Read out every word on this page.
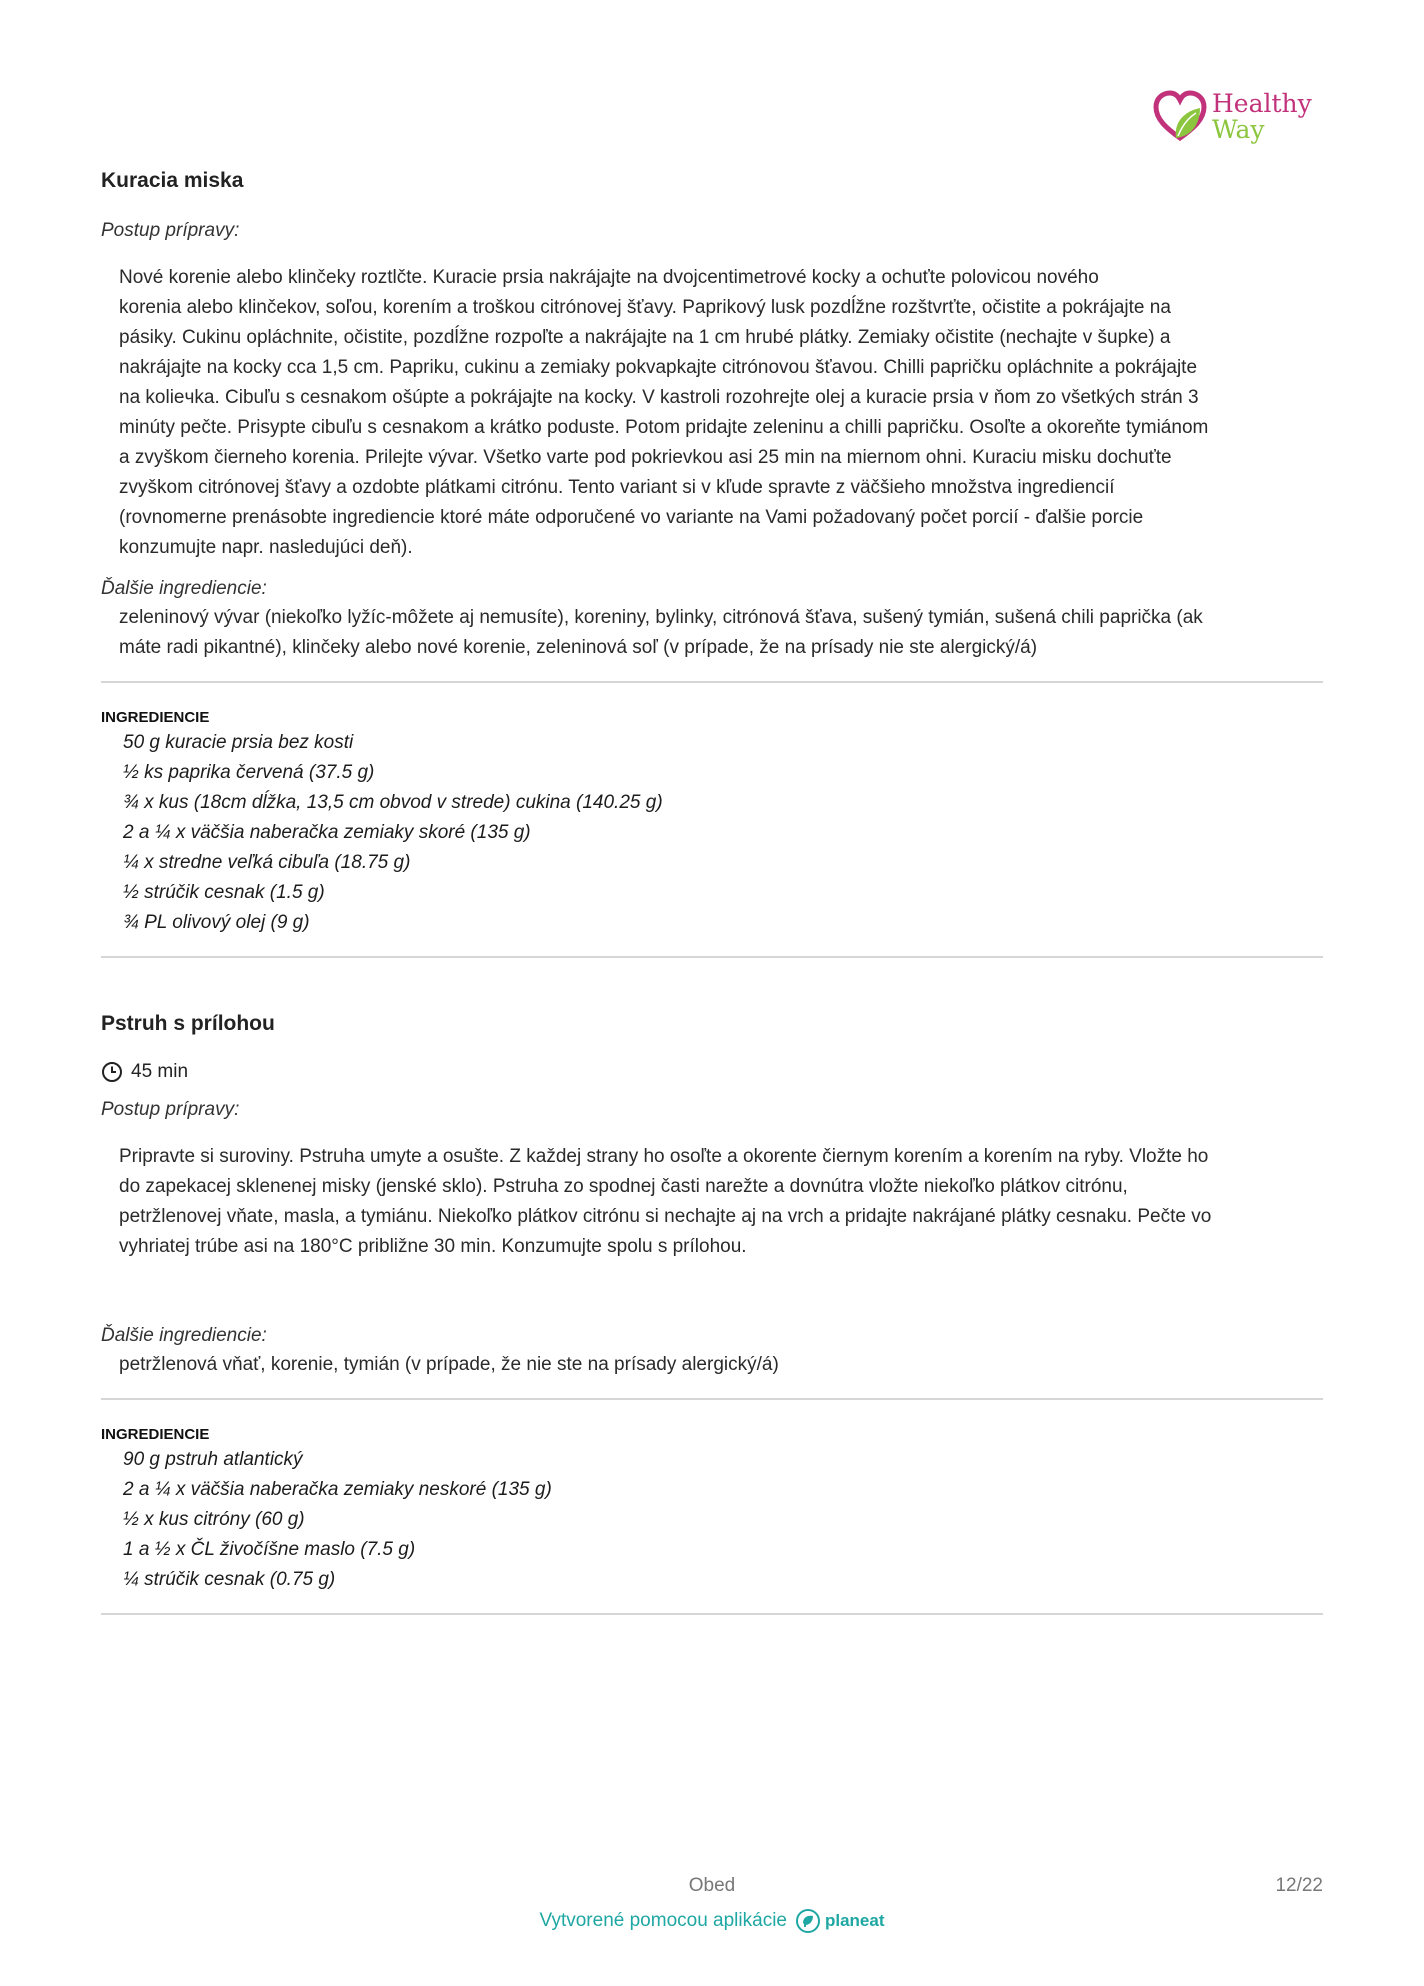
Healthy
Way
Kuracia miska
Postup prípravy:
Nové korenie alebo klinčeky roztlčte. Kuracie prsia nakrájajte na dvojcentimetrové kocky a ochuťte polovicou nového
korenia alebo klinčekov, soľou, korením a troškou citrónovej šťavy. Paprikový lusk pozdĺžne rozštvrťte, očistite a pokrájajte na
pásiky. Cukinu opláchnite, očistite, pozdĺžne rozpoľte a nakrájajte na 1 cm hrubé plátky. Zemiaky očistite (nechajte v šupke) a
nakrájajte na kocky cca 1,5 cm. Papriku, cukinu a zemiaky pokvapkajte citrónovou šťavou. Chilli papričku opláchnite a pokrájajte
na kolieчka. Cibuľu s cesnakom ošúpte a pokrájajte na kocky. V kastroli rozohrejte olej a kuracie prsia v ňom zo všetkých strán 3
minúty pečte. Prisypte cibuľu s cesnakom a krátko poduste. Potom pridajte zeleninu a chilli papričku. Osoľte a okoreňte tymiánom
a zvyškom čierneho korenia. Prilejte vývar. Všetko varte pod pokrievkou asi 25 min na miernom ohni. Kuraciu misku dochuťte
zvyškom citrónovej šťavy a ozdobte plátkami citrónu. Tento variant si v kľude spravte z väčšieho množstva ingrediencií
(rovnomerne prenásobte ingrediencie ktoré máte odporučené vo variante na Vami požadovaný počet porcií - ďalšie porcie
konzumujte napr. nasledujúci deň).
Ďalšie ingrediencie:
zeleninový vývar (niekoľko lyžíc-môžete aj nemusíte), koreniny, bylinky, citrónová šťava, sušený tymián, sušená chili paprička (ak
máte radi pikantné), klinčeky alebo nové korenie, zeleninová soľ (v prípade, že na prísady nie ste alergický/á)
INGREDIENCIE
50 g kuracie prsia bez kosti
½ ks paprika červená (37.5 g)
¾ x kus (18cm dĺžka, 13,5 cm obvod v strede) cukina (140.25 g)
2 a ¼ x väčšia naberačka zemiaky skoré (135 g)
¼ x stredne veľká cibuľa (18.75 g)
½ strúčik cesnak (1.5 g)
¾ PL olivový olej (9 g)
Pstruh s prílohou
45 min
Postup prípravy:
Pripravte si suroviny. Pstruha umyte a osušte. Z každej strany ho osoľte a okorente čiernym korením a korením na ryby. Vložte ho
do zapekacej sklenenej misky (jenské sklo). Pstruha zo spodnej časti narežte a dovnútra vložte niekoľko plátkov citrónu,
petržlenovej vňate, masla, a tymiánu. Niekoľko plátkov citrónu si nechajte aj na vrch a pridajte nakrájané plátky cesnaku. Pečte vo
vyhriatej trúbe asi na 180°C približne 30 min. Konzumujte spolu s prílohou.
Ďalšie ingrediencie:
petržlenová vňať, korenie, tymián (v prípade, že nie ste na prísady alergický/á)
INGREDIENCIE
90 g pstruh atlantický
2 a ¼ x väčšia naberačka zemiaky neskoré (135 g)
½ x kus citróny (60 g)
1 a ½ x ČL živočíšne maslo (7.5 g)
¼ strúčik cesnak (0.75 g)
Obed	12/22
Vytvorené pomocou aplikácie planeat
